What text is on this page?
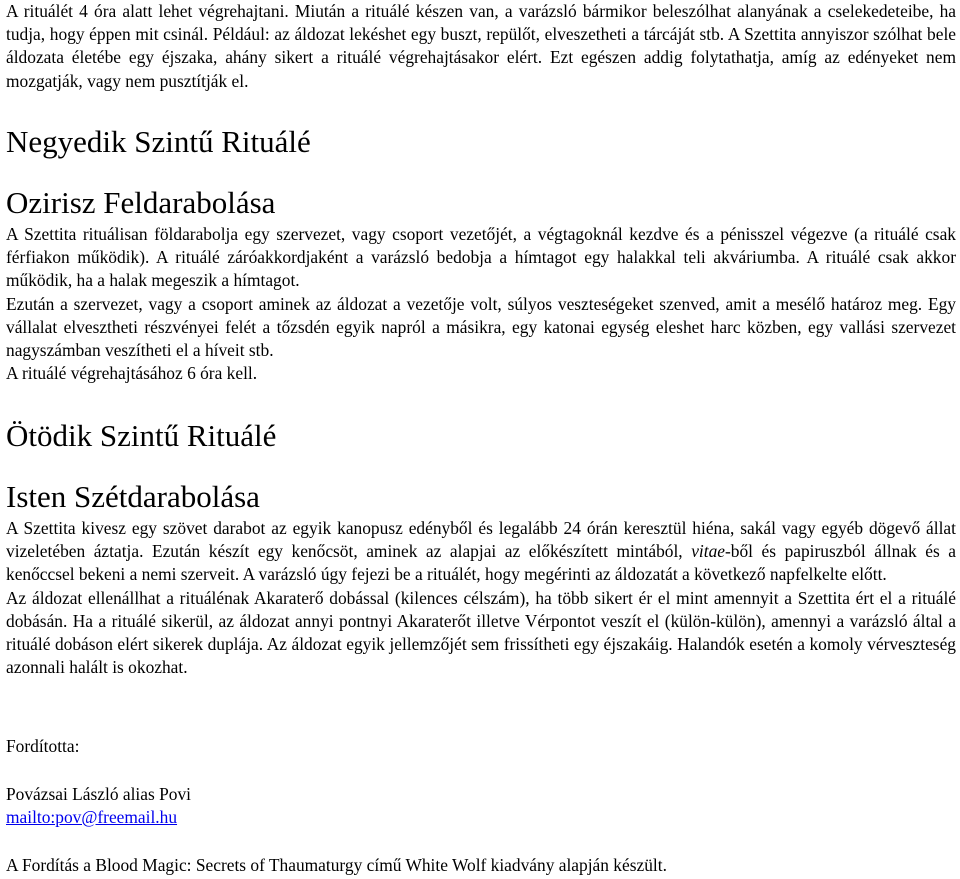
A rituálét 4 óra alatt lehet végrehajtani. Miután a rituálé készen van, a varázsló bármikor beleszólhat alanyának a cselekedeteibe, ha tudja, hogy éppen mit csinál. Például: az áldozat lekéshet egy buszt, repülőt, elveszetheti a tárcáját stb. A Szettita annyiszor szólhat bele áldozata életébe egy éjszaka, ahány sikert a rituálé végrehajtásakor elért. Ezt egészen addig folytathatja, amíg az edényeket nem mozgatják, vagy nem pusztítják el.

Negyedik Szintű Rituálé
Ozirisz Feldarabolása

A Szettita rituálisan földarabolja egy szervezet, vagy csoport vezetőjét, a végtagoknál kezdve és a pénisszel végezve (a rituálé csak férfiakon működik). A rituálé záróakkordjaként a varázsló bedobja a hímtagot egy halakkal teli akváriumba. A rituálé csak akkor működik, ha a halak megeszik a hímtagot.

Ezután a szervezet, vagy a csoport aminek az áldozat a vezetője volt, súlyos veszteségeket szenved, amit a mesélő határoz meg. Egy vállalat elvesztheti részvényei felét a tőzsdén egyik napról a másikra, egy katonai egység eleshet harc közben, egy vallási szervezet nagyszámban veszítheti el a híveit stb.

A rituálé végrehajtásához 6 óra kell.

Ötödik Szintű Rituálé
Isten Szétdarabolása

A Szettita kivesz egy szövet darabot az egyik kanopusz edényből és legalább 24 órán keresztül hiéna, sakál vagy egyéb dögevő állat vizeletében áztatja. Ezután készít egy kenőcsöt, aminek az alapjai az előkészített mintából, vitae-ből és papiruszból állnak és a kenőccsel bekeni a nemi szerveit. A varázsló úgy fejezi be a rituálét, hogy megérinti az áldozatát a következő napfelkelte előtt.

Az áldozat ellenállhat a rituálénak Akaraterő dobással (kilences célszám), ha több sikert ér el mint amennyit a Szettita ért el a rituálé dobásán. Ha a rituálé sikerül, az áldozat annyi pontnyi Akaraterőt illetve Vérpontot veszít el (külön-külön), amennyi a varázsló által a rituálé dobáson elért sikerek duplája. Az áldozat egyik jellemzőjét sem frissítheti egy éjszakáig. Halandók esetén a komoly vérveszteség azonnali halált is okozhat.

Fordította:

Povázsai László alias Povi

mailto:pov@freemail.hu

A Fordítás a Blood Magic: Secrets of Thaumaturgy című White Wolf kiadvány alapján készült.
